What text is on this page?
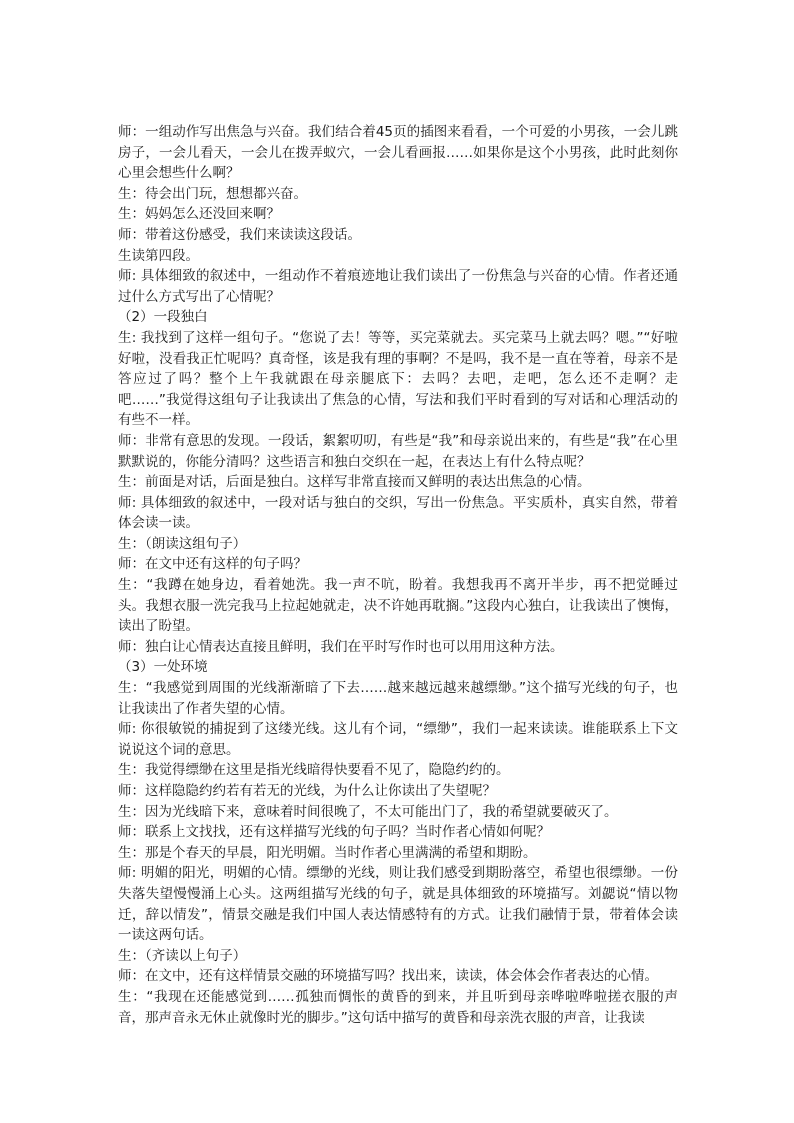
师：一组动作写出焦急与兴奋。我们结合着45页的插图来看看，一个可爱的小男孩，一会儿跳房子，一会儿看天，一会儿在拨弄蚁穴，一会儿看画报……如果你是这个小男孩，此时此刻你心里会想些什么啊？

生：待会出门玩，想想都兴奋。

生：妈妈怎么还没回来啊？

师：带着这份感受，我们来读读这段话。

生读第四段。

师: 具体细致的叙述中，一组动作不着痕迹地让我们读出了一份焦急与兴奋的心情。作者还通过什么方式写出了心情呢？

（2）一段独白

生: 我找到了这样一组句子。“您说了去！等等，买完菜就去。买完菜马上就去吗？嗯。”“好啦好啦，没看我正忙呢吗？真奇怪，该是我有理的事啊？不是吗，我不是一直在等着，母亲不是答应过了吗？整个上午我就跟在母亲腿底下：去吗？去吧，走吧，怎么还不走啊？走吧……”我觉得这组句子让我读出了焦急的心情，写法和我们平时看到的写对话和心理活动的有些不一样。

师：非常有意思的发现。一段话，絮絮叨叨，有些是“我”和母亲说出来的，有些是“我”在心里默默说的，你能分清吗？这些语言和独白交织在一起，在表达上有什么特点呢？

生：前面是对话，后面是独白。这样写非常直接而又鲜明的表达出焦急的心情。

师: 具体细致的叙述中，一段对话与独白的交织，写出一份焦急。平实质朴，真实自然，带着体会读一读。

生：（朗读这组句子）

师：在文中还有这样的句子吗？

生：“我蹲在她身边，看着她洗。我一声不吭，盼着。我想我再不离开半步，再不把觉睡过头。我想衣服一洗完我马上拉起她就走，决不许她再耽搁。”这段内心独白，让我读出了懊悔，读出了盼望。

师：独白让心情表达直接且鲜明，我们在平时写作时也可以用用这种方法。

（3）一处环境

生：“我感觉到周围的光线渐渐暗了下去……越来越远越来越缥缈。”这个描写光线的句子，也让我读出了作者失望的心情。

师: 你很敏锐的捕捉到了这缕光线。这儿有个词，“缥缈”，我们一起来读读。谁能联系上下文说说这个词的意思。

生：我觉得缥缈在这里是指光线暗得快要看不见了，隐隐约约的。

师：这样隐隐约约若有若无的光线，为什么让你读出了失望呢？

生：因为光线暗下来，意味着时间很晚了，不太可能出门了，我的希望就要破灭了。

师：联系上文找找，还有这样描写光线的句子吗？当时作者心情如何呢？

生：那是个春天的早晨，阳光明媚。当时作者心里满满的希望和期盼。

师: 明媚的阳光，明媚的心情。缥缈的光线，则让我们感受到期盼落空，希望也很缥缈。一份失落失望慢慢涌上心头。这两组描写光线的句子，就是具体细致的环境描写。刘勰说“情以物迁，辞以情发”，情景交融是我们中国人表达情感特有的方式。让我们融情于景，带着体会读一读这两句话。

生：（齐读以上句子）

师：在文中，还有这样情景交融的环境描写吗？找出来，读读，体会体会作者表达的心情。

生：“我现在还能感觉到……孤独而惆怅的黄昏的到来，并且听到母亲哗啦哗啦搓衣服的声音，那声音永无休止就像时光的脚步。”这句话中描写的黄昏和母亲洗衣服的声音，让我读
